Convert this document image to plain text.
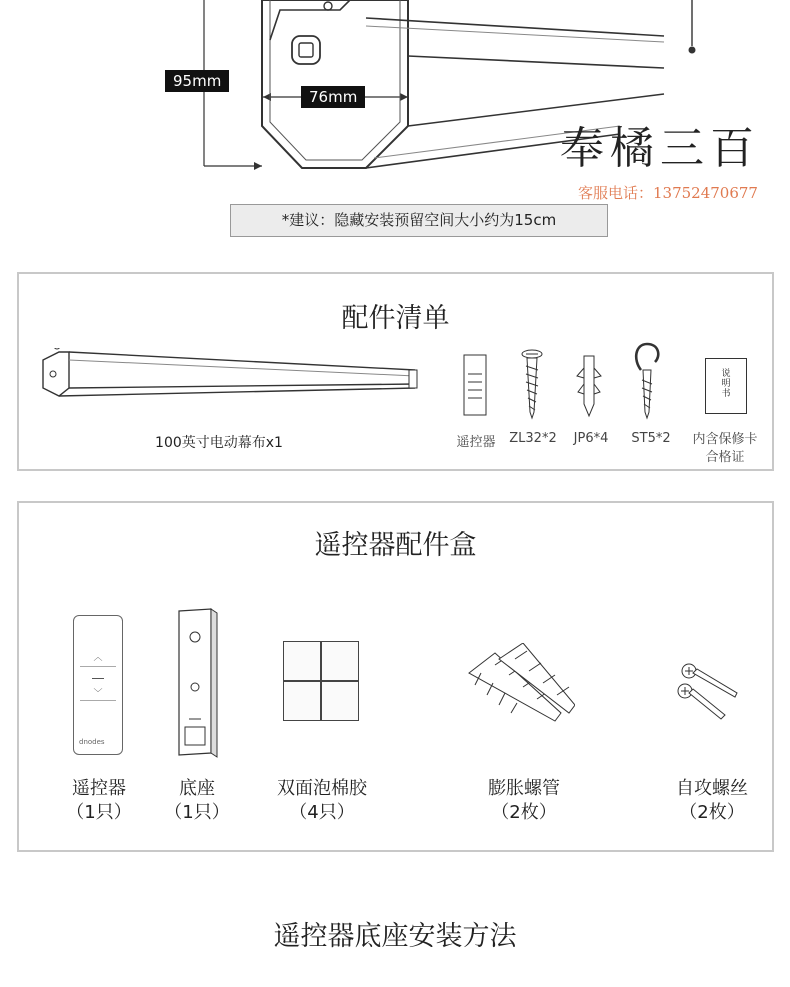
95mm
76mm
奉橘三百
客服电话：13752470677
*建议：隐藏安装预留空间大小约为15cm
配件清单
100英寸电动幕布x1	遥控器	ZL32*2	JP6*4	ST5*2
说明书
内含保修卡
合格证
遥控器配件盒
︿
﹀
dnodes
遥控器
（1只）
底座
（1只）
双面泡棉胶
（4只）
膨胀螺管
（2枚）
自攻螺丝
（2枚）
遥控器底座安装方法
